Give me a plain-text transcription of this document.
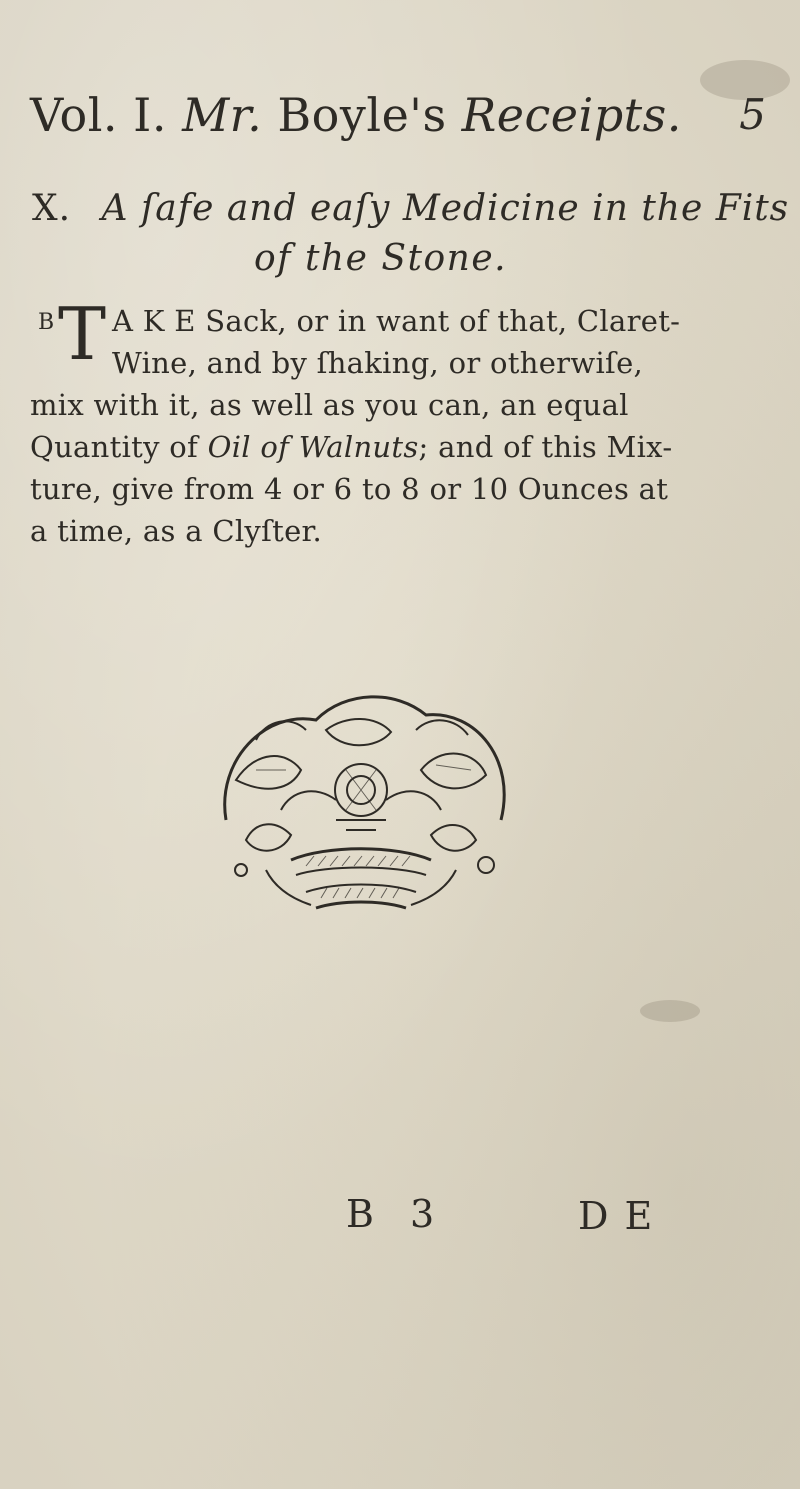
Vol. I. Mr. Boyle's Receipts. 5
X. A ſafe and eaſy Medicine in the Fits
of the Stone.
B T A K E Sack, or in want of that, Claret-
Wine, and by ſhaking, or otherwiſe,
mix with it, as well as you can, an equal
Quantity of Oil of Walnuts; and of this Mix-
ture, give from 4 or 6 to 8 or 10 Ounces at
a time, as a Clyſter.
B 3	D E
